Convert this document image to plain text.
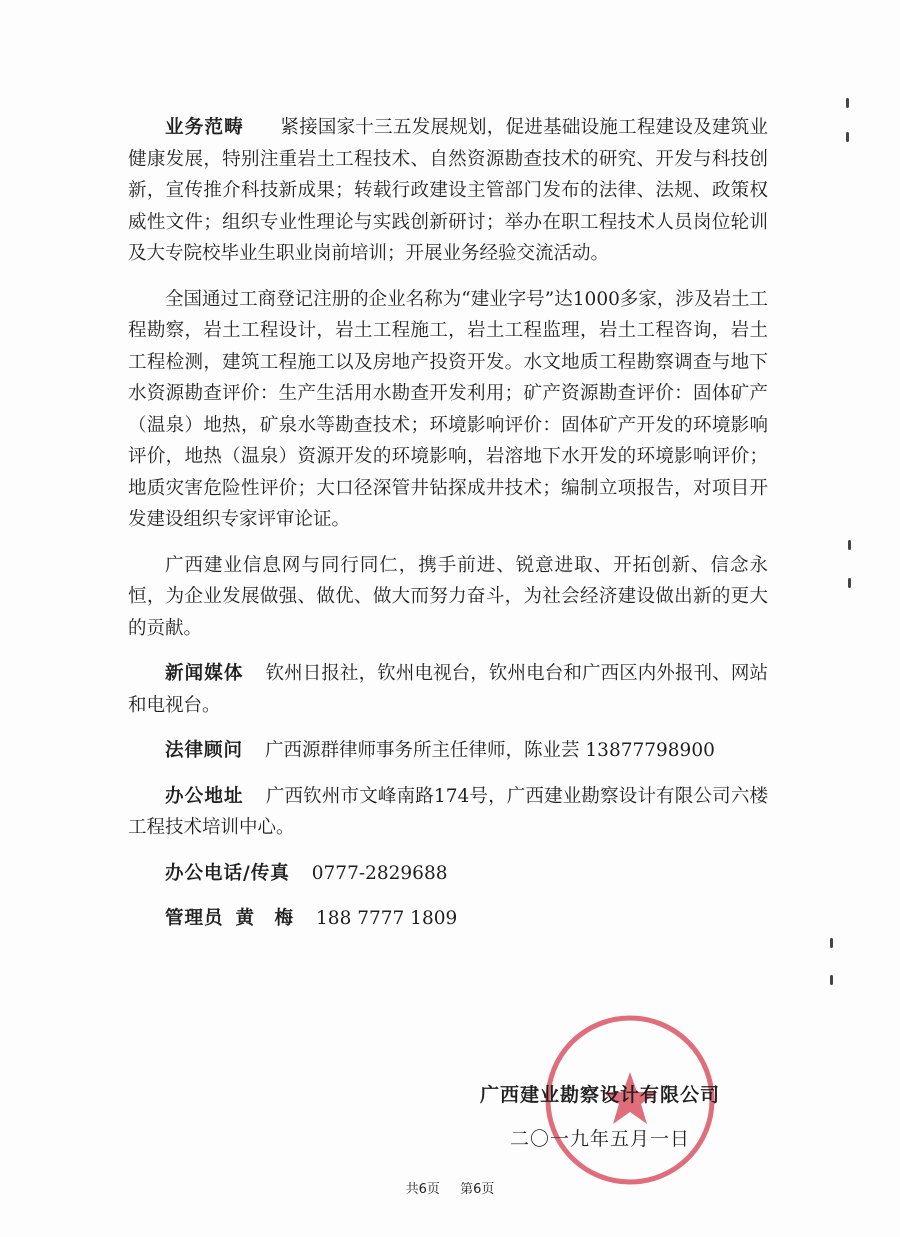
业务范畴 紧接国家十三五发展规划，促进基础设施工程建设及建筑业健康发展，特别注重岩土工程技术、自然资源勘查技术的研究、开发与科技创新，宣传推介科技新成果；转载行政建设主管部门发布的法律、法规、政策权威性文件；组织专业性理论与实践创新研讨；举办在职工程技术人员岗位轮训及大专院校毕业生职业岗前培训；开展业务经验交流活动。

全国通过工商登记注册的企业名称为“建业字号”达1000多家，涉及岩土工程勘察，岩土工程设计，岩土工程施工，岩土工程监理，岩土工程咨询，岩土工程检测，建筑工程施工以及房地产投资开发。水文地质工程勘察调查与地下水资源勘查评价：生产生活用水勘查开发利用；矿产资源勘查评价：固体矿产（温泉）地热，矿泉水等勘查技术；环境影响评价：固体矿产开发的环境影响评价，地热（温泉）资源开发的环境影响，岩溶地下水开发的环境影响评价；地质灾害危险性评价；大口径深管井钻探成井技术；编制立项报告，对项目开发建设组织专家评审论证。

广西建业信息网与同行同仁，携手前进、锐意进取、开拓创新、信念永恒，为企业发展做强、做优、做大而努力奋斗，为社会经济建设做出新的更大的贡献。

新闻媒体 钦州日报社，钦州电视台，钦州电台和广西区内外报刊、网站和电视台。

法律顾问 广西源群律师事务所主任律师，陈业芸 13877798900

办公地址 广西钦州市文峰南路174号，广西建业勘察设计有限公司六楼工程技术培训中心。

办公电话/传真 0777-2829688

管理员 黄　梅 188 7777 1809

广西建业勘察设计有限公司
二〇一九年五月一日
共6页 第6页
